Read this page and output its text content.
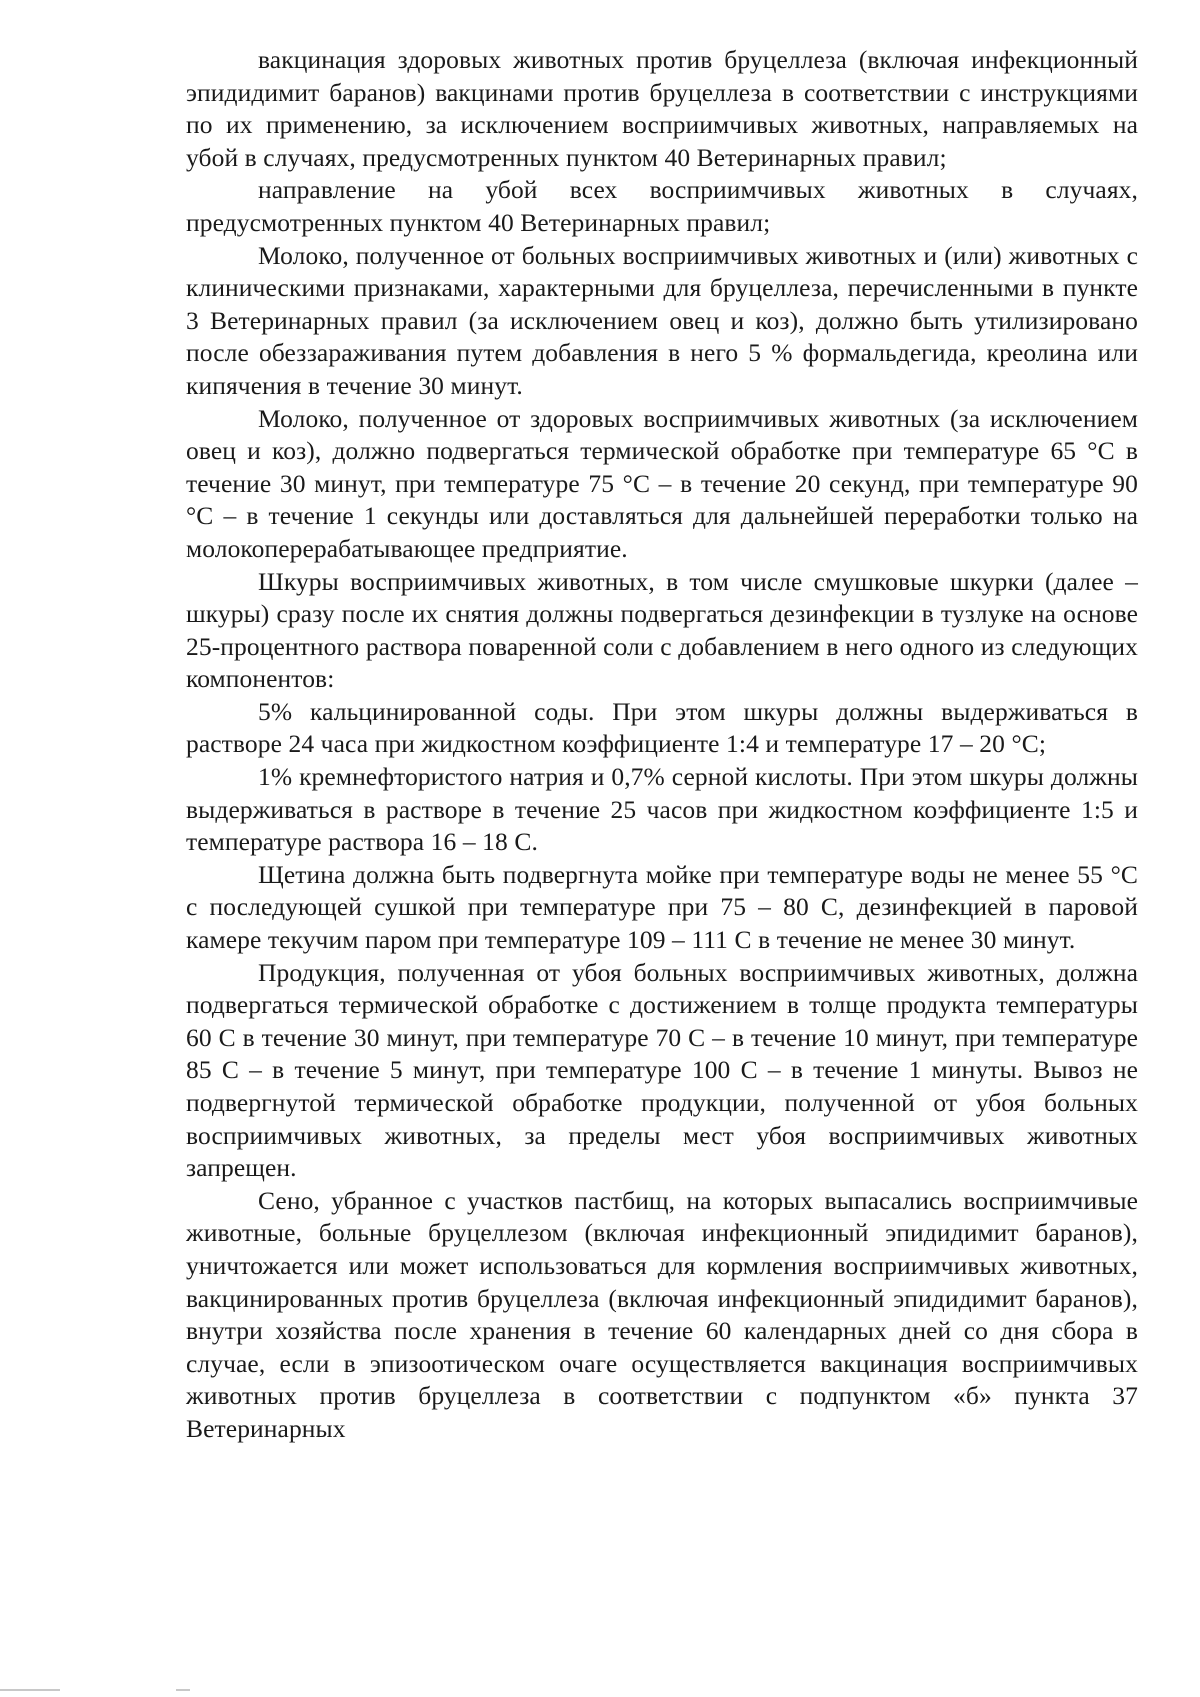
вакцинация здоровых животных против бруцеллеза (включая инфекционный эпидидимит баранов) вакцинами против бруцеллеза в соответствии с инструкциями по их применению, за исключением восприимчивых животных, направляемых на убой в случаях, предусмотренных пунктом 40 Ветеринарных правил;

направление на убой всех восприимчивых животных в случаях, предусмотренных пунктом 40 Ветеринарных правил;

Молоко, полученное от больных восприимчивых животных и (или) животных с клиническими признаками, характерными для бруцеллеза, перечисленными в пункте 3 Ветеринарных правил (за исключением овец и коз), должно быть утилизировано после обеззараживания путем добавления в него 5 % формальдегида, креолина или кипячения в течение 30 минут.

Молоко, полученное от здоровых восприимчивых животных (за исключением овец и коз), должно подвергаться термической обработке при температуре 65 °С в течение 30 минут, при температуре 75 °С – в течение 20 секунд, при температуре 90 °С – в течение 1 секунды или доставляться для дальнейшей переработки только на молокоперерабатывающее предприятие.

Шкуры восприимчивых животных, в том числе смушковые шкурки (далее – шкуры) сразу после их снятия должны подвергаться дезинфекции в тузлуке на основе 25-процентного раствора поваренной соли с добавлением в него одного из следующих компонентов:

5% кальцинированной соды. При этом шкуры должны выдерживаться в растворе 24 часа при жидкостном коэффициенте 1:4 и температуре 17 – 20 °С;

1% кремнефтористого натрия и 0,7% серной кислоты. При этом шкуры должны выдерживаться в растворе в течение 25 часов при жидкостном коэффициенте 1:5 и температуре раствора 16 – 18 С.

Щетина должна быть подвергнута мойке при температуре воды не менее 55 °С с последующей сушкой при температуре при 75 – 80 С, дезинфекцией в паровой камере текучим паром при температуре 109 – 111 С в течение не менее 30 минут.

Продукция, полученная от убоя больных восприимчивых животных, должна подвергаться термической обработке с достижением в толще продукта температуры 60 С в течение 30 минут, при температуре 70 С – в течение 10 минут, при температуре 85 С – в течение 5 минут, при температуре 100 С – в течение 1 минуты. Вывоз не подвергнутой термической обработке продукции, полученной от убоя больных восприимчивых животных, за пределы мест убоя восприимчивых животных запрещен.

Сено, убранное с участков пастбищ, на которых выпасались восприимчивые животные, больные бруцеллезом (включая инфекционный эпидидимит баранов), уничтожается или может использоваться для кормления восприимчивых животных, вакцинированных против бруцеллеза (включая инфекционный эпидидимит баранов), внутри хозяйства после хранения в течение 60 календарных дней со дня сбора в случае, если в эпизоотическом очаге осуществляется вакцинация восприимчивых животных против бруцеллеза в соответствии с подпунктом «б» пункта 37 Ветеринарных
